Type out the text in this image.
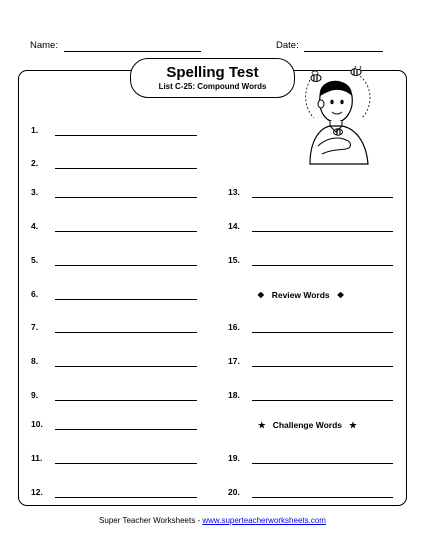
Name:	Date:
Spelling Test
List C-25: Compound Words
1.
2.
3.
4.
5.
6.
7.
8.
9.
10.
11.
12.
13.
14.
15.
16.
17.
18.
19.
20.
❖ Review Words ❖
★ Challenge Words ★
Super Teacher Worksheets - www.superteacherworksheets.com
